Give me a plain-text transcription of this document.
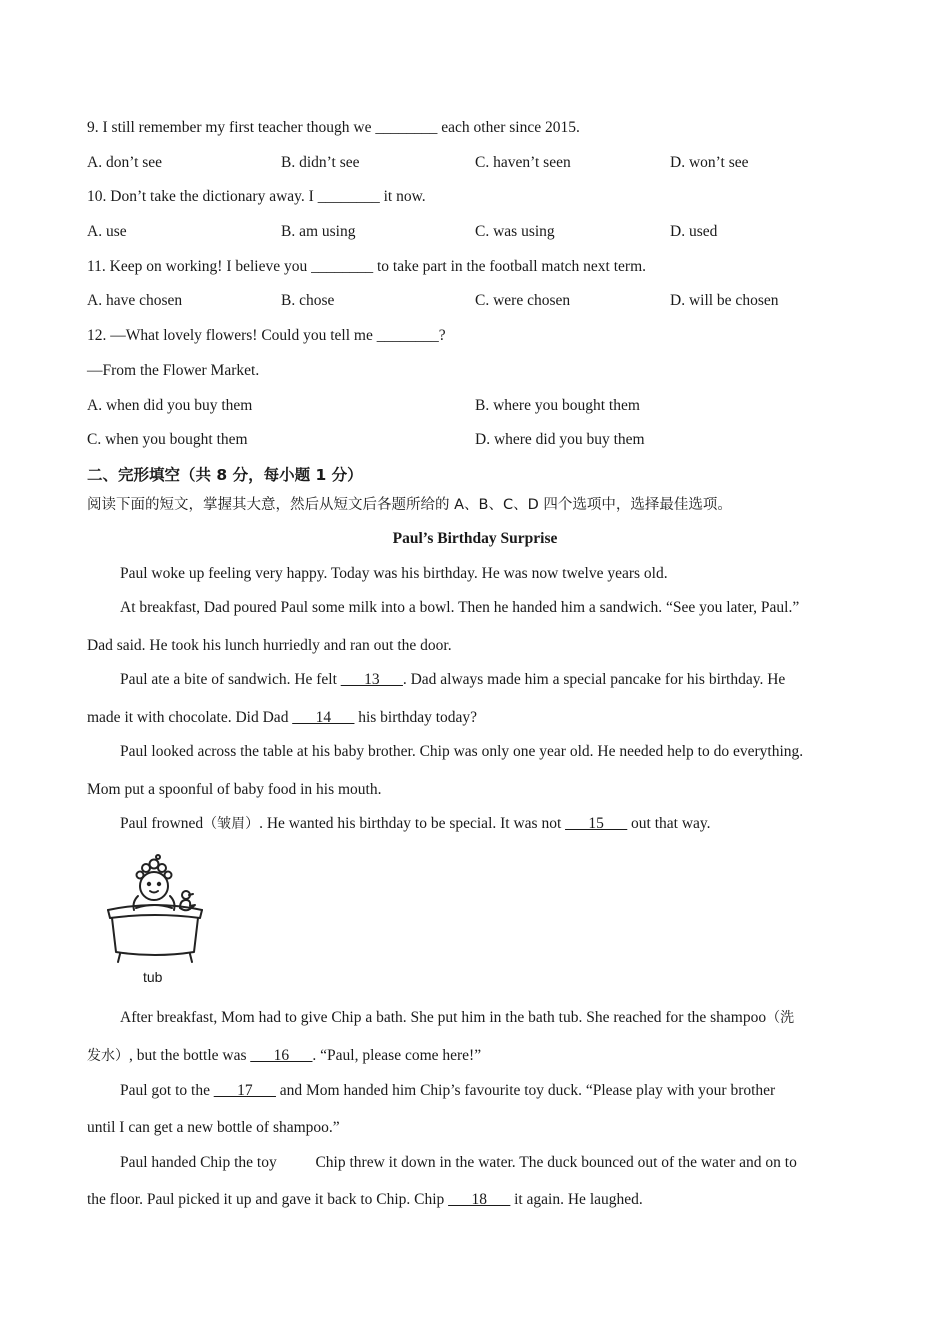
9. I still remember my first teacher though we ________ each other since 2015.
A. don’t see	B. didn’t see	C. haven’t seen	D. won’t see
10. Don’t take the dictionary away. I ________ it now.
A. use	B. am using	C. was using	D. used
11. Keep on working! I believe you ________ to take part in the football match next term.
A. have chosen	B. chose	C. were chosen	D. will be chosen
12. —What lovely flowers! Could you tell me ________?
—From the Flower Market.
A. when did you buy them	B. where you bought them
C. when you bought them	D. where did you buy them
二、完形填空（共 8 分，每小题 1 分）
阅读下面的短文，掌握其大意，然后从短文后各题所给的 A、B、C、D 四个选项中，选择最佳选项。
Paul’s Birthday Surprise
Paul woke up feeling very happy. Today was his birthday. He was now twelve years old.
At breakfast, Dad poured Paul some milk into a bowl. Then he handed him a sandwich. “See you later, Paul.”
Dad said. He took his lunch hurriedly and ran out the door.
Paul ate a bite of sandwich. He felt ___13___. Dad always made him a special pancake for his birthday. He
made it with chocolate. Did Dad ___14___ his birthday today?
Paul looked across the table at his baby brother. Chip was only one year old. He needed help to do everything.
Mom put a spoonful of baby food in his mouth.
Paul frowned（皱眉）. He wanted his birthday to be special. It was not ___15___ out that way.
tub
After breakfast, Mom had to give Chip a bath. She put him in the bath tub. She reached for the shampoo（洗
发水）, but the bottle was ___16___. “Paul, please come here!”
Paul got to the ___17___ and Mom handed him Chip’s favourite toy duck. “Please play with your brother
until I can get a new bottle of shampoo.”
Paul handed Chip the toy          Chip threw it down in the water. The duck bounced out of the water and on to
the floor. Paul picked it up and gave it back to Chip. Chip ___18___ it again. He laughed.
